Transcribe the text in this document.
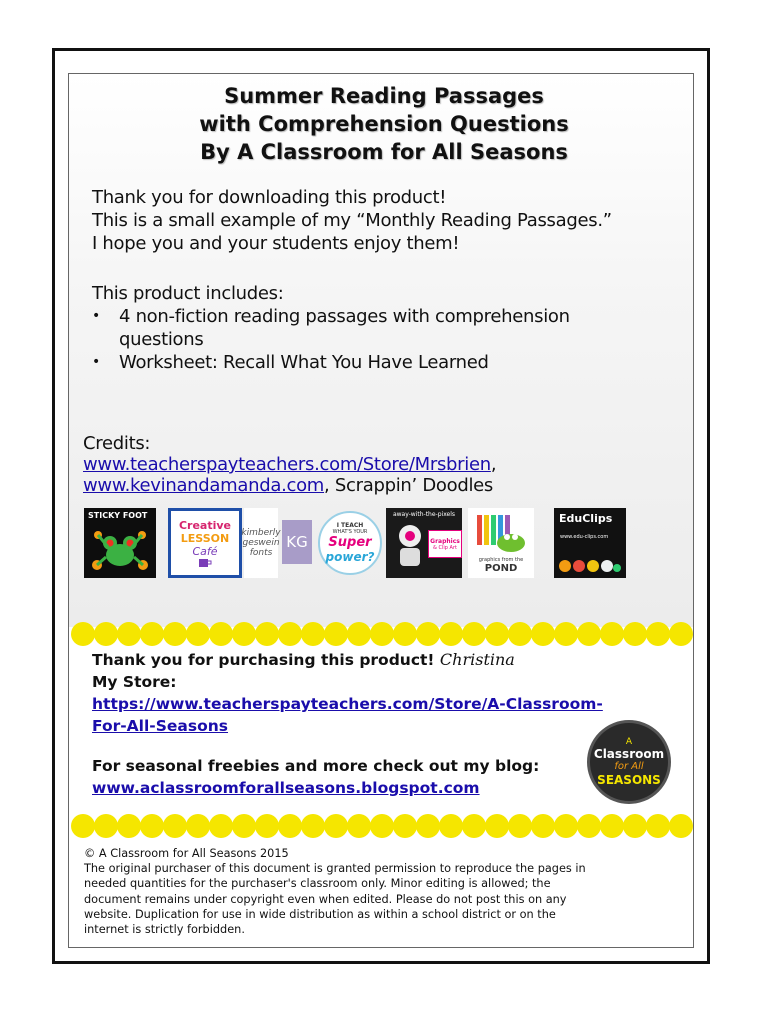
Summer Reading Passages
with Comprehension Questions
By A Classroom for All Seasons
Thank you for downloading this product!
This is a small example of my “Monthly Reading Passages.”
I hope you and your students enjoy them!
This product includes:
• 4 non-fiction reading passages with comprehension questions
• Worksheet: Recall What You Have Learned
Credits:
www.teacherspayteachers.com/Store/Mrsbrien,
www.kevinandamanda.com, Scrappin’ Doodles
STICKY FOOT
Creative
LESSON
Café
kimberly
geswein
fonts
KG
I TEACH
WHAT'S YOUR
Super
power?
away-with-the-pixels
Graphics
& Clip Art
graphics from the
POND
EduClips
www.edu-clips.com
Thank you for purchasing this product! Christina
My Store:
https://www.teacherspayteachers.com/Store/A-Classroom-
For-All-Seasons
For seasonal freebies and more check out my blog:
www.aclassroomforallseasons.blogspot.com
A
Classroom
for All
SEASONS
© A Classroom for All Seasons 2015
The original purchaser of this document is granted permission to reproduce the pages in
needed quantities for the purchaser's classroom only. Minor editing is allowed; the
document remains under copyright even when edited. Please do not post this on any
website. Duplication for use in wide distribution as within a school district or on the
internet is strictly forbidden.
